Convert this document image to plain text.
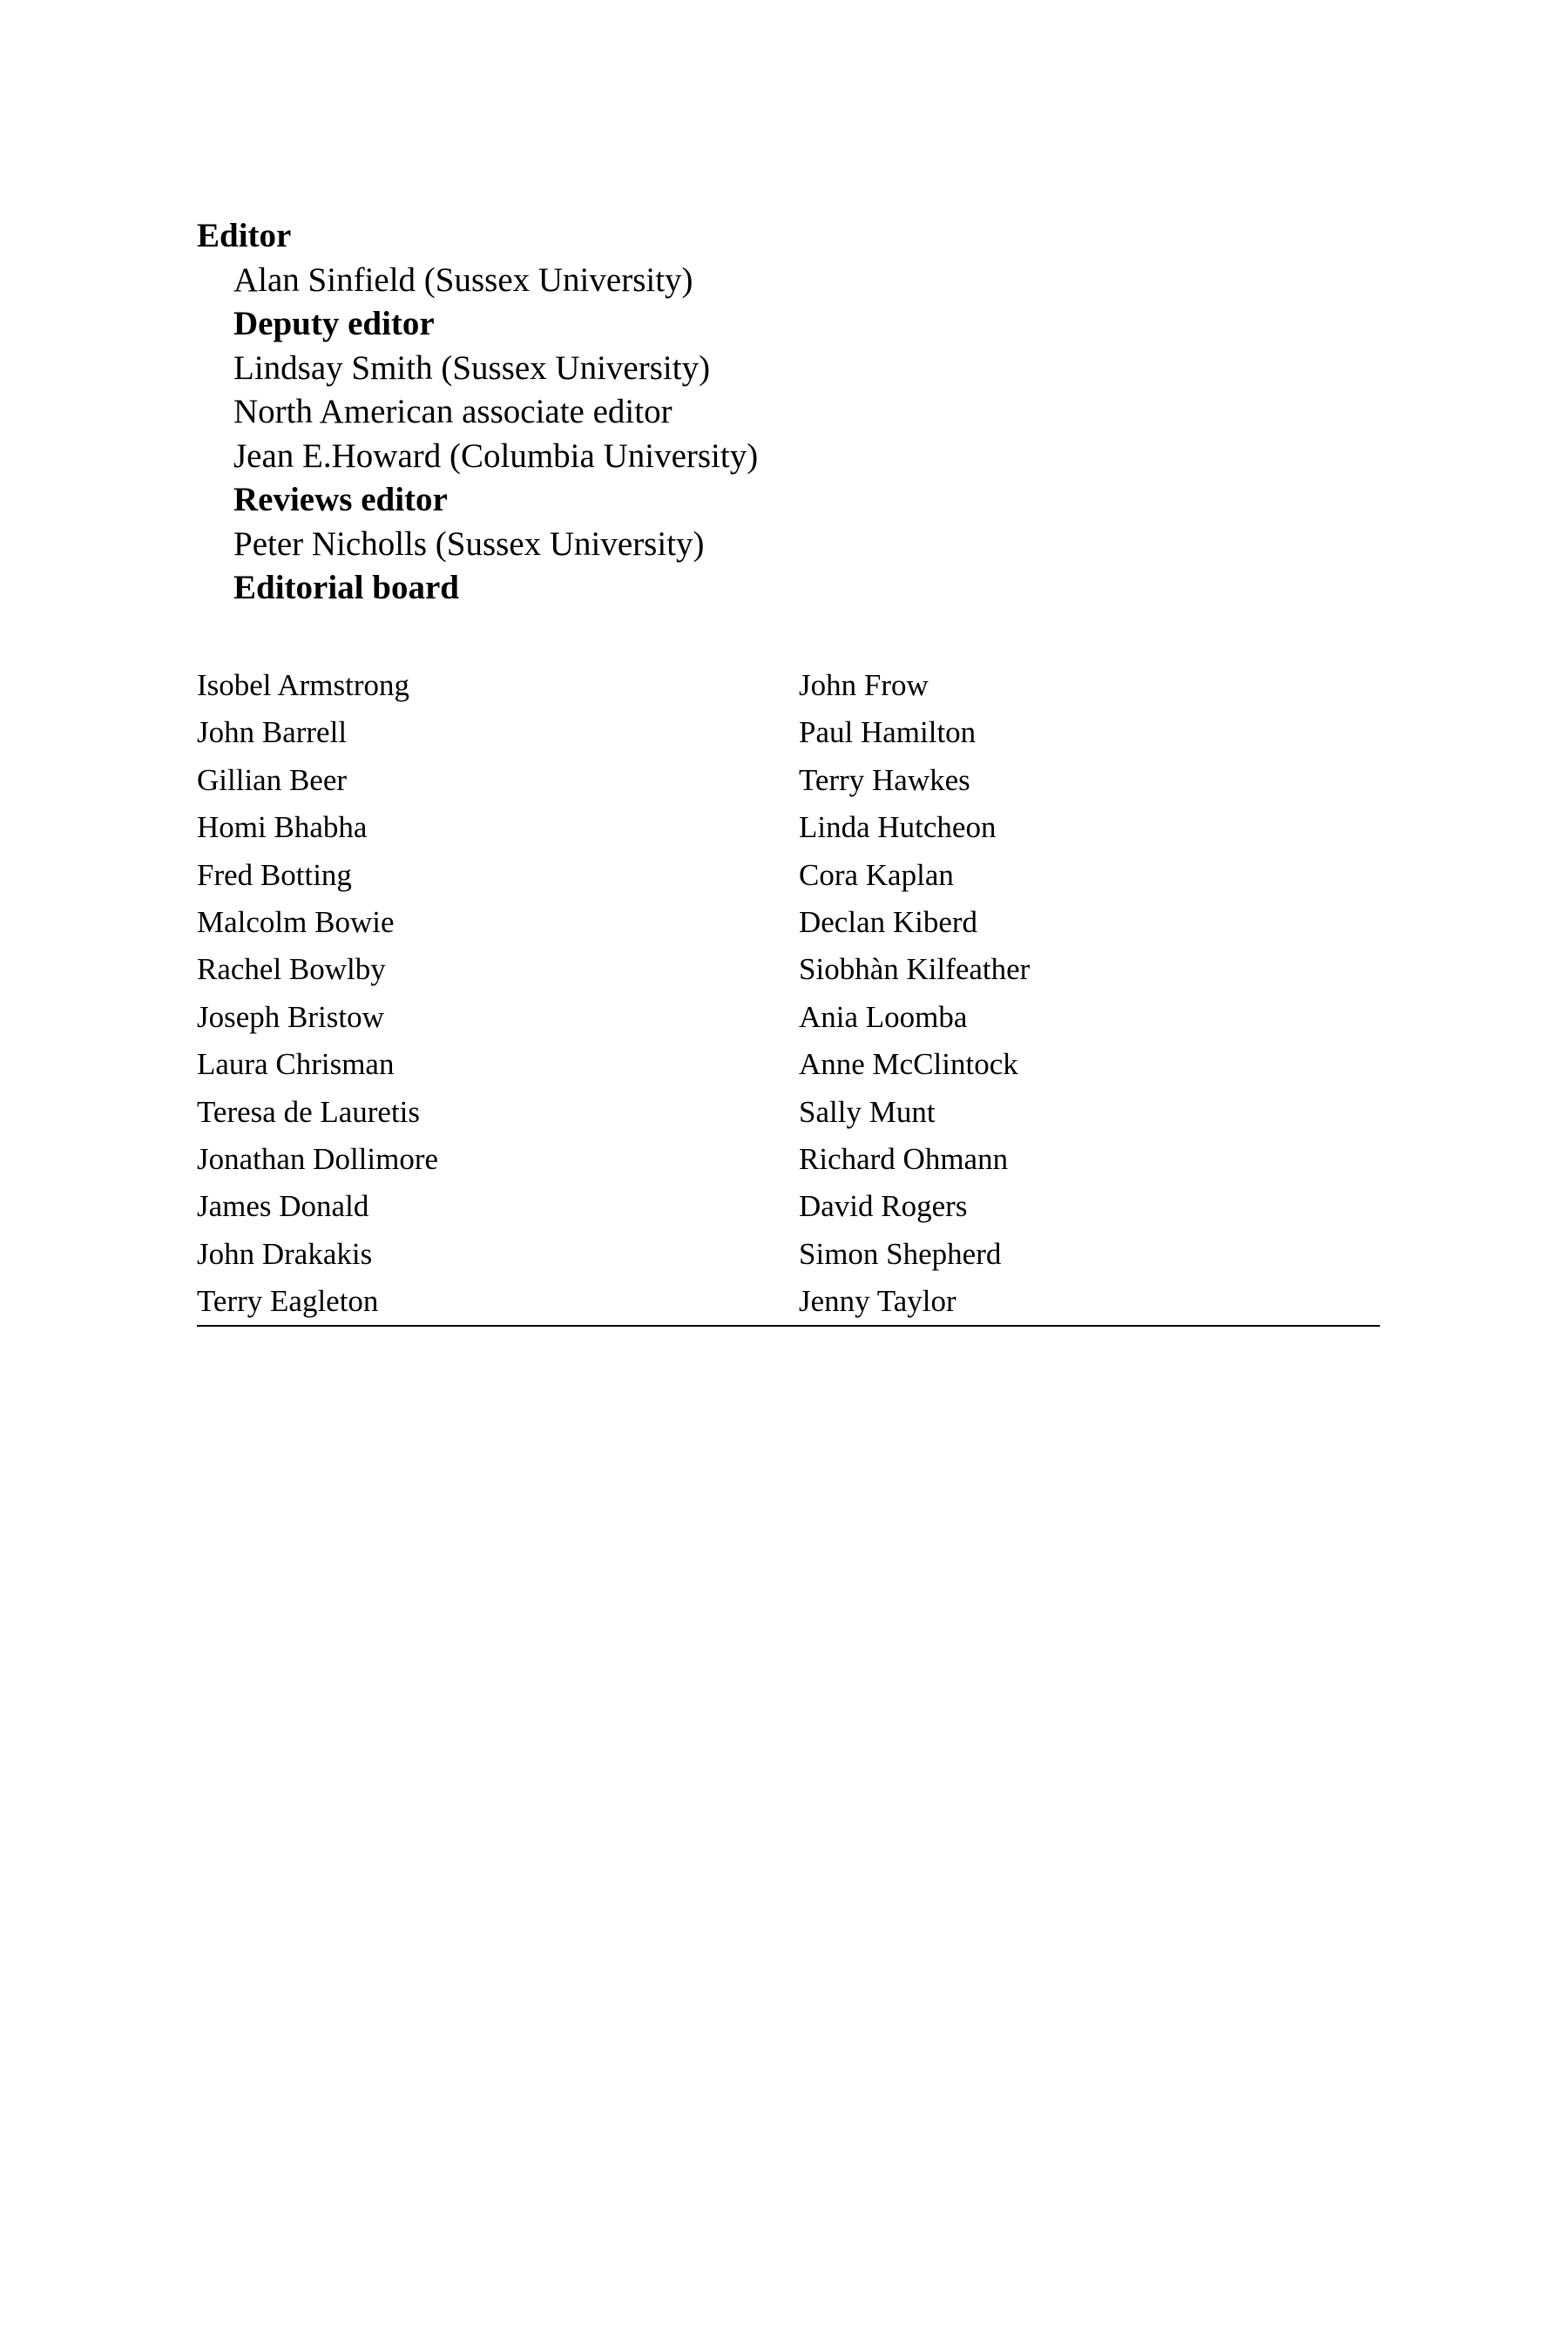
Editor
Alan Sinfield (Sussex University)
Deputy editor
Lindsay Smith (Sussex University)
North American associate editor
Jean E.Howard (Columbia University)
Reviews editor
Peter Nicholls (Sussex University)
Editorial board
Isobel Armstrong	John Frow
John Barrell	Paul Hamilton
Gillian Beer	Terry Hawkes
Homi Bhabha	Linda Hutcheon
Fred Botting	Cora Kaplan
Malcolm Bowie	Declan Kiberd
Rachel Bowlby	Siobhàn Kilfeather
Joseph Bristow	Ania Loomba
Laura Chrisman	Anne McClintock
Teresa de Lauretis	Sally Munt
Jonathan Dollimore	Richard Ohmann
James Donald	David Rogers
John Drakakis	Simon Shepherd
Terry Eagleton	Jenny Taylor
